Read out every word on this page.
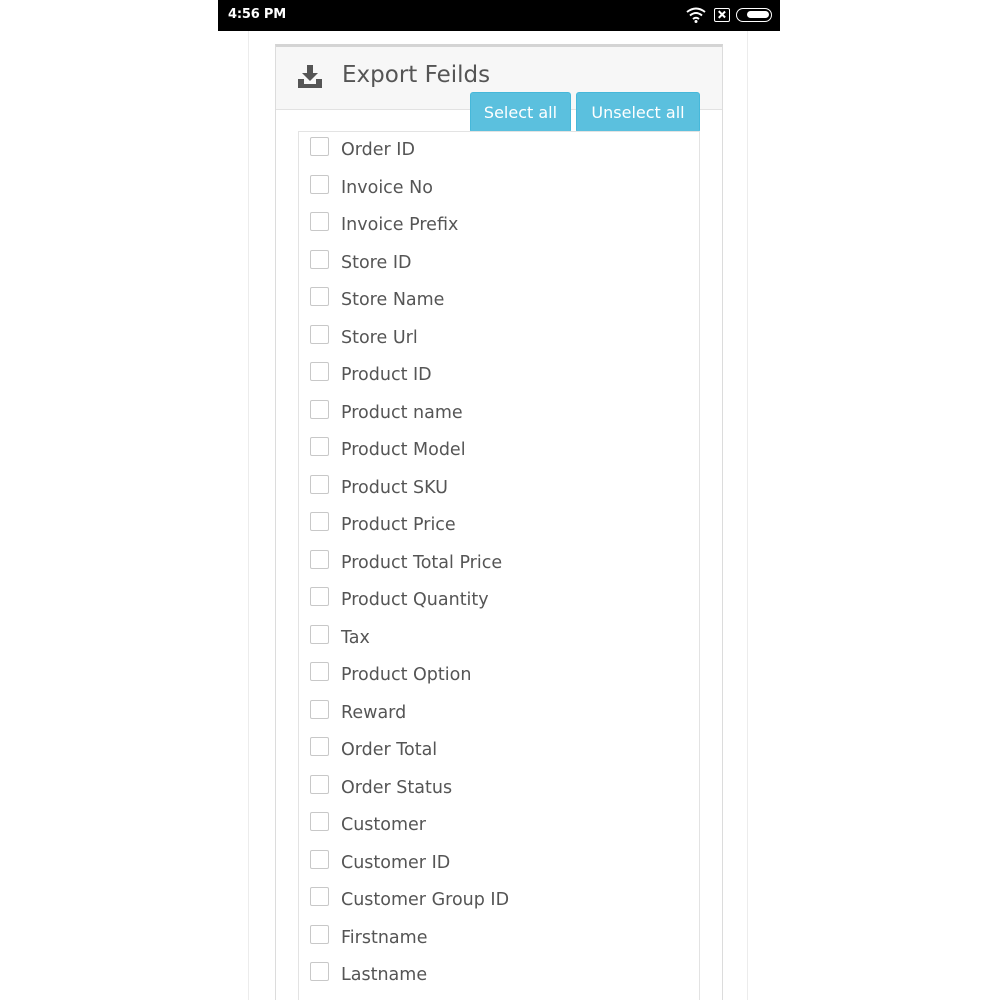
4:56 PM
Export Feilds
Select all	Unselect all
Order ID
Invoice No
Invoice Prefix
Store ID
Store Name
Store Url
Product ID
Product name
Product Model
Product SKU
Product Price
Product Total Price
Product Quantity
Tax
Product Option
Reward
Order Total
Order Status
Customer
Customer ID
Customer Group ID
Firstname
Lastname
